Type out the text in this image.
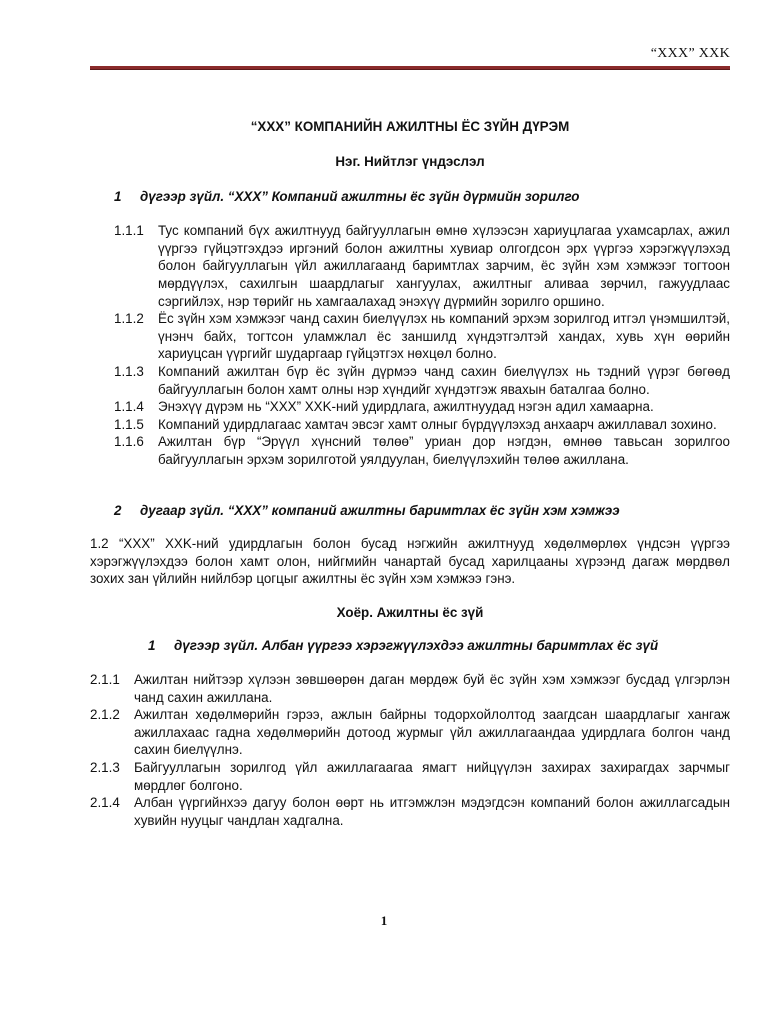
“XXX” XXK

“XXX” КОМПАНИЙН АЖИЛТНЫ ЁС ЗҮЙН ДҮРЭМ

Нэг. Нийтлэг үндэслэл

1	дүгээр зүйл. “XXX” Компаний ажилтны ёс зүйн дүрмийн зорилго

1.1.1	Тус компаний бүх ажилтнууд байгууллагын өмнө хүлээсэн хариуцлагаа ухамсарлах, ажил үүргээ гүйцэтгэхдээ иргэний болон ажилтны хувиар олгогдсон эрх үүргээ хэрэгжүүлэхэд болон байгууллагын үйл ажиллагаанд баримтлах зарчим, ёс зүйн хэм хэмжээг тогтоон мөрдүүлэх, сахилгын шаардлагыг хангуулах, ажилтныг аливаа зөрчил, гажуудлаас сэргийлэх, нэр төрийг нь хамгаалахад энэхүү дүрмийн зорилго оршино.
1.1.2	Ёс зүйн хэм хэмжээг чанд сахин биелүүлэх нь компаний эрхэм зорилгод итгэл үнэмшилтэй, үнэнч байх, тогтсон уламжлал ёс заншилд хүндэтгэлтэй хандах, хувь хүн өөрийн хариуцсан үүргийг шударгаар гүйцэтгэх нөхцөл болно.
1.1.3	Компаний ажилтан бүр ёс зүйн дүрмээ чанд сахин биелүүлэх нь тэдний үүрэг бөгөөд байгууллагын болон хамт олны нэр хүндийг хүндэтгэж явахын баталгаа болно.
1.1.4	Энэхүү дүрэм нь “XXX” XXK-ний удирдлага, ажилтнуудад нэгэн адил хамаарна.
1.1.5	Компаний удирдлагаас хамтач эвсэг хамт олныг бүрдүүлэхэд анхаарч ажиллавал зохино.
1.1.6	Ажилтан бүр “Эрүүл хүнсний төлөө” уриан дор нэгдэн, өмнөө тавьсан зорилгоо байгууллагын эрхэм зорилготой уялдуулан, биелүүлэхийн төлөө ажиллана.

2	дугаар зүйл. “XXX” компаний ажилтны баримтлах ёс зүйн хэм хэмжээ

1.2 “XXX” XXK-ний удирдлагын болон бусад нэгжийн ажилтнууд хөдөлмөрлөх үндсэн үүргээ хэрэгжүүлэхдээ болон хамт олон, нийгмийн чанартай бусад харилцааны хүрээнд дагаж мөрдвөл зохих зан үйлийн нийлбэр цогцыг ажилтны ёс зүйн хэм хэмжээ гэнэ.

Хоёр. Ажилтны ёс зүй

1	дүгээр зүйл. Албан үүргээ хэрэгжүүлэхдээ ажилтны баримтлах ёс зүй

2.1.1	Ажилтан нийтээр хүлээн зөвшөөрөн даган мөрдөж буй ёс зүйн хэм хэмжээг бусдад үлгэрлэн чанд сахин ажиллана.
2.1.2	Ажилтан хөдөлмөрийн гэрээ, ажлын байрны тодорхойлолтод заагдсан шаардлагыг хангаж ажиллахаас гадна хөдөлмөрийн дотоод журмыг үйл ажиллагаандаа удирдлага болгон чанд сахин биелүүлнэ.
2.1.3	Байгууллагын зорилгод үйл ажиллагаагаа ямагт нийцүүлэн захирах захирагдах зарчмыг мөрдлөг болгоно.
2.1.4	Албан үүргийнхээ дагуу болон өөрт нь итгэмжлэн мэдэгдсэн компаний болон ажиллагсадын хувийн нууцыг чандлан хадгална.
1
